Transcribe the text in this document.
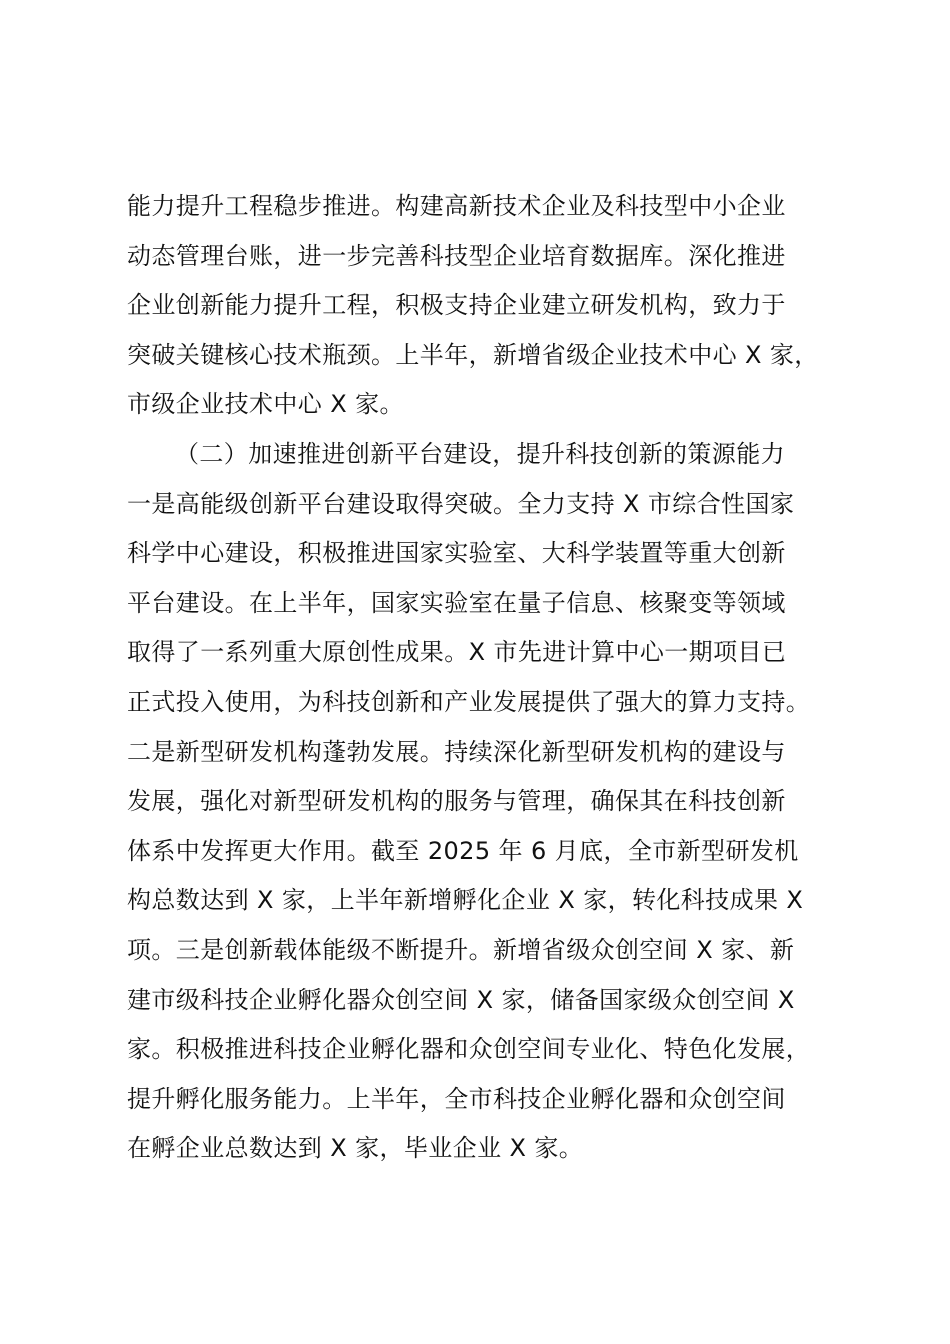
能力提升工程稳步推进。构建高新技术企业及科技型中小企业
动态管理台账，进一步完善科技型企业培育数据库。深化推进
企业创新能力提升工程，积极支持企业建立研发机构，致力于
突破关键核心技术瓶颈。上半年，新增省级企业技术中心 X 家，
市级企业技术中心 X 家。
（二）加速推进创新平台建设，提升科技创新的策源能力
一是高能级创新平台建设取得突破。全力支持 X 市综合性国家
科学中心建设，积极推进国家实验室、大科学装置等重大创新
平台建设。在上半年，国家实验室在量子信息、核聚变等领域
取得了一系列重大原创性成果。X 市先进计算中心一期项目已
正式投入使用，为科技创新和产业发展提供了强大的算力支持。
二是新型研发机构蓬勃发展。持续深化新型研发机构的建设与
发展，强化对新型研发机构的服务与管理，确保其在科技创新
体系中发挥更大作用。截至 2025 年 6 月底，全市新型研发机
构总数达到 X 家，上半年新增孵化企业 X 家，转化科技成果 X
项。三是创新载体能级不断提升。新增省级众创空间 X 家、新
建市级科技企业孵化器众创空间 X 家，储备国家级众创空间 X
家。积极推进科技企业孵化器和众创空间专业化、特色化发展，
提升孵化服务能力。上半年，全市科技企业孵化器和众创空间
在孵企业总数达到 X 家，毕业企业 X 家。
